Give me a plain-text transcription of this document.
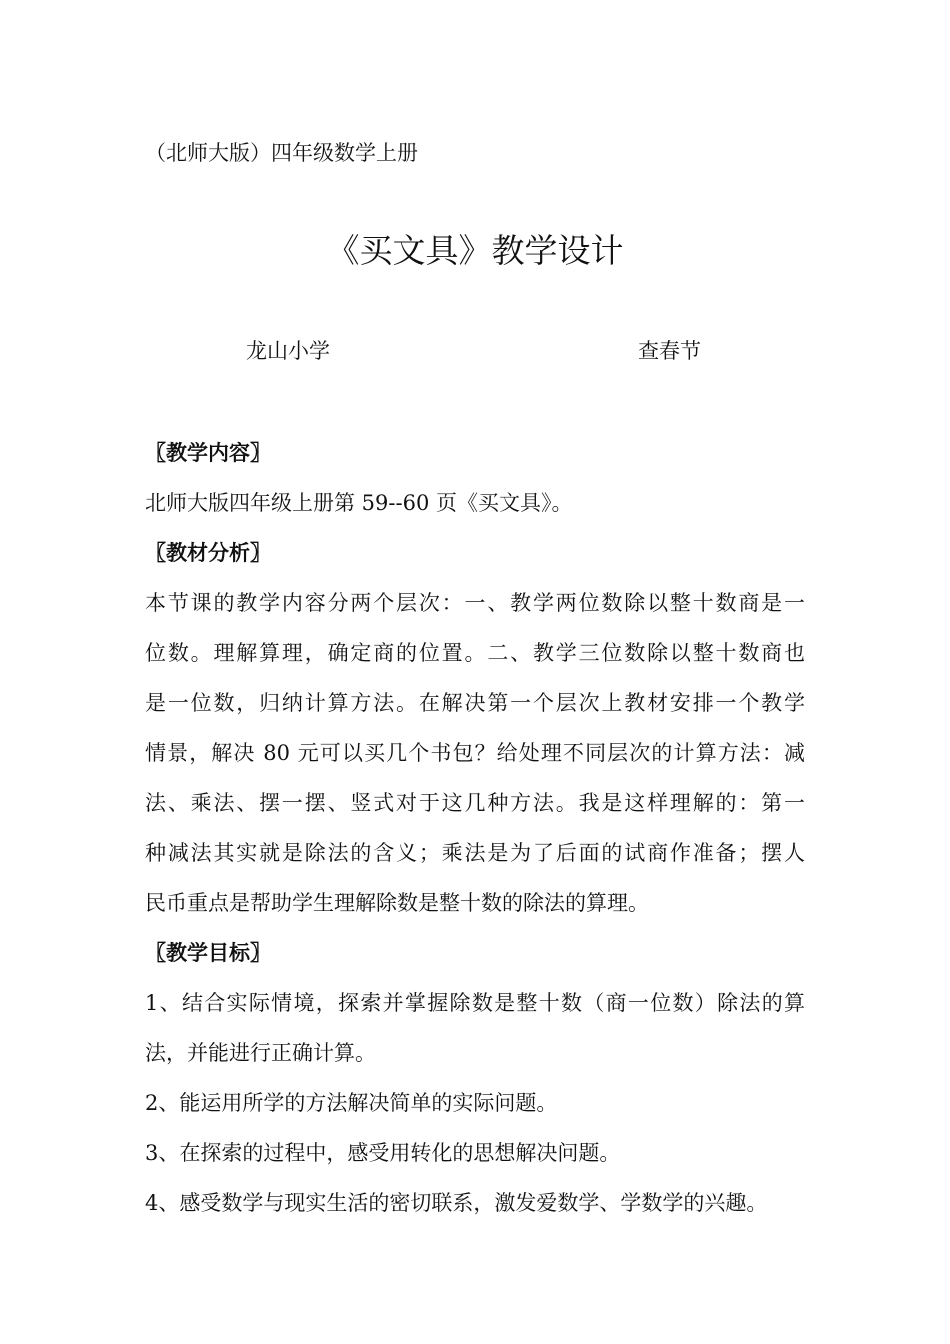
（北师大版）四年级数学上册
《买文具》教学设计
龙山小学	查春节
〖教学内容〗
北师大版四年级上册第 59--60 页《买文具》。
〖教材分析〗
本节课的教学内容分两个层次：一、教学两位数除以整十数商是一
位数。理解算理，确定商的位置。二、教学三位数除以整十数商也
是一位数，归纳计算方法。在解决第一个层次上教材安排一个教学
情景，解决 80 元可以买几个书包？给处理不同层次的计算方法：减
法、乘法、摆一摆、竖式对于这几种方法。我是这样理解的：第一
种减法其实就是除法的含义；乘法是为了后面的试商作准备；摆人
民币重点是帮助学生理解除数是整十数的除法的算理。
〖教学目标〗
1、结合实际情境，探索并掌握除数是整十数（商一位数）除法的算
法，并能进行正确计算。
2、能运用所学的方法解决简单的实际问题。
3、在探索的过程中，感受用转化的思想解决问题。
4、感受数学与现实生活的密切联系，激发爱数学、学数学的兴趣。
